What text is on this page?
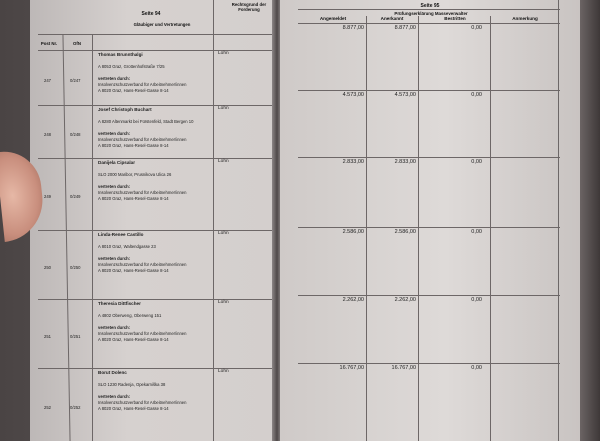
Seite 94
Rechtsgrund der Forderung
Gläubiger und Vertretungen
Post Nr.	OfN
247	0/247
Thomas Brunnthalgi
A 8053 Graz, Grottenhofstraße 7/25
vertreten durch:
Insolvenzschutzverband für Arbeitnehmer/innen
A 8020 Graz, Hans-Resel-Gasse 8-14
Lohn
248	0/248
Josef Christoph Buchart
A 8280 Altenmarkt bei Fürstenfeld, Stadt Bergen 10
vertreten durch:
Insolvenzschutzverband für Arbeitnehmer/innen
A 8020 Graz, Hans-Resel-Gasse 8-14
Lohn
249	0/249
Danijela Cipsalar
SLO 2000 Maribor, Prusnikova Ulica 26
vertreten durch:
Insolvenzschutzverband für Arbeitnehmer/innen
A 8020 Graz, Hans-Resel-Gasse 8-14
Lohn
250	0/250
Linda-Renee Castillo
A 8010 Graz, Waltendgasse 23
vertreten durch:
Insolvenzschutzverband für Arbeitnehmer/innen
A 8020 Graz, Hans-Resel-Gasse 8-14
Lohn
251	0/251
Theresia Dittfischer
A 4802 Oberweng, Oberweng 151
vertreten durch:
Insolvenzschutzverband für Arbeitnehmer/innen
A 8020 Graz, Hans-Resel-Gasse 8-14
Lohn
252	0/252
Borut Dolenc
SLO 1230 Radenja, Opekarniška 38
vertreten durch:
Insolvenzschutzverband für Arbeitnehmer/innen
A 8020 Graz, Hans-Resel-Gasse 8-14
Lohn
Seite 95
Prüfungserklärung Masseverwalter
Angemeldet	Anerkannt	Bestritten	Anmerkung
8.877,00	8.877,00	0,00
4.573,00	4.573,00	0,00
2.833,00	2.833,00	0,00
2.586,00	2.586,00	0,00
2.262,00	2.262,00	0,00
16.767,00	16.767,00	0,00
